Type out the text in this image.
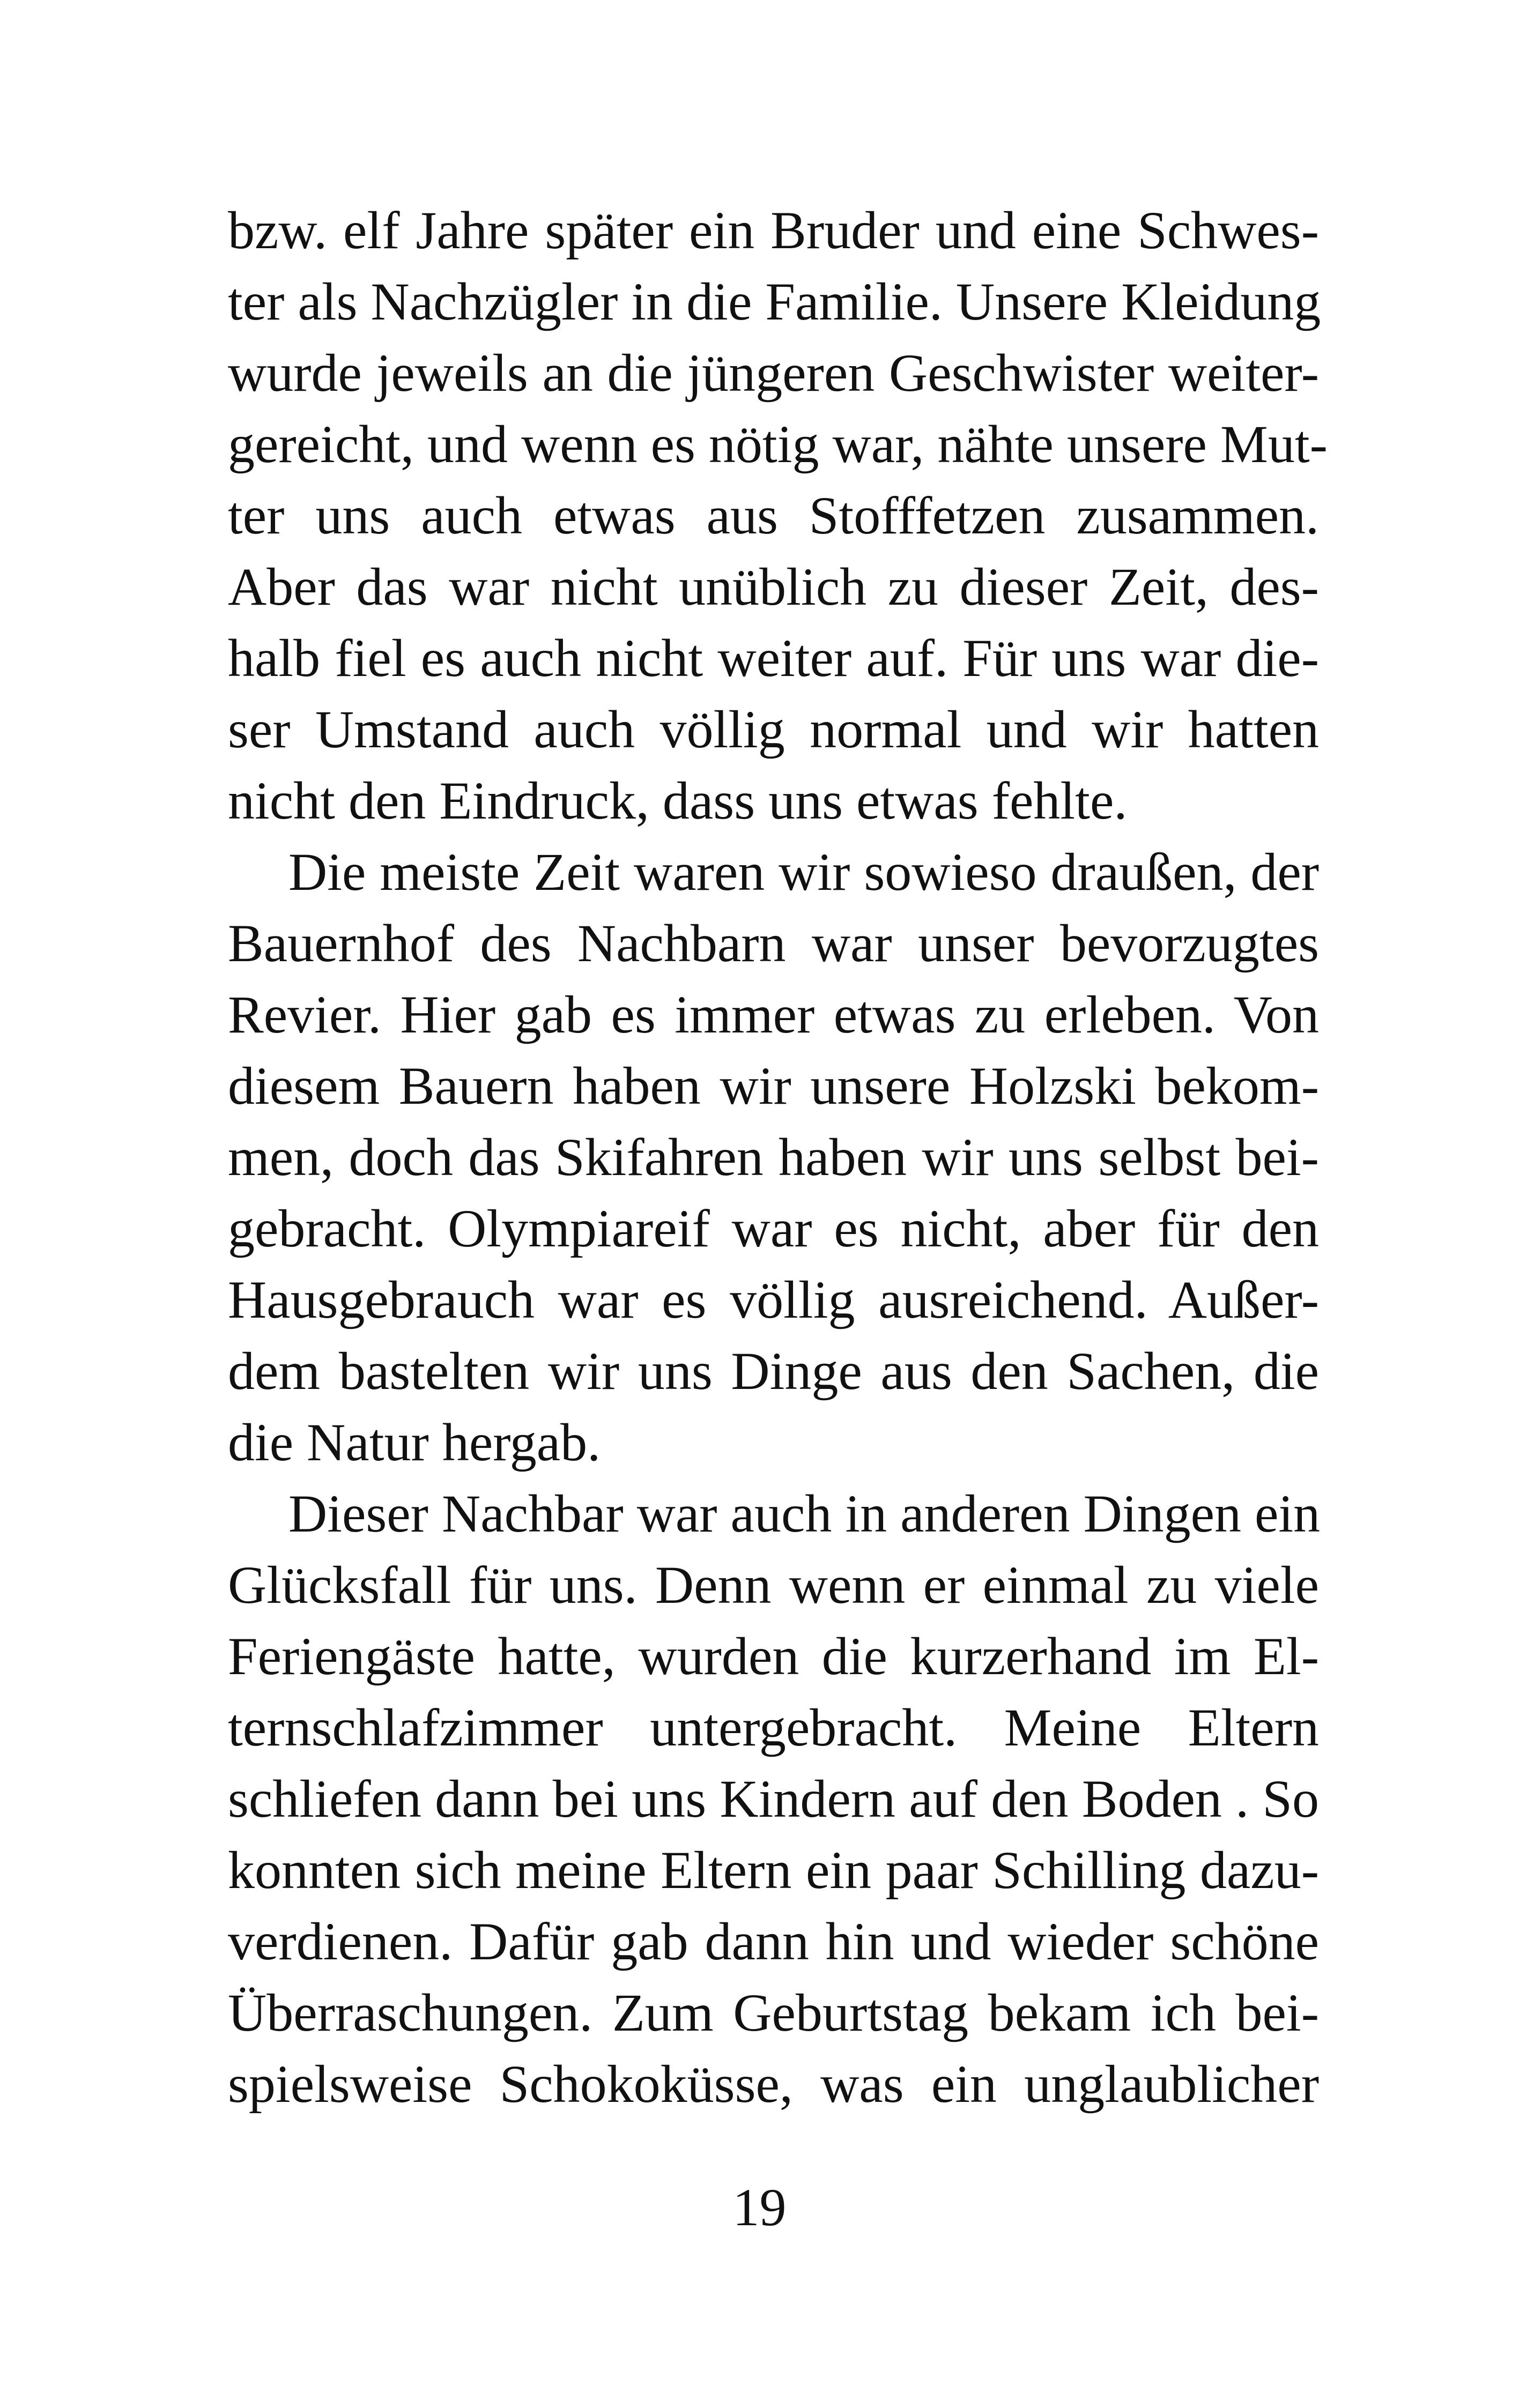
bzw. elf Jahre später ein Bruder und eine Schwes-
ter als Nachzügler in die Familie. Unsere Kleidung
wurde jeweils an die jüngeren Geschwister weiter-
gereicht, und wenn es nötig war, nähte unsere Mut-
ter uns auch etwas aus Stofffetzen zusammen.
Aber das war nicht unüblich zu dieser Zeit, des-
halb fiel es auch nicht weiter auf. Für uns war die-
ser Umstand auch völlig normal und wir hatten
nicht den Eindruck, dass uns etwas fehlte.
Die meiste Zeit waren wir sowieso draußen, der
Bauernhof des Nachbarn war unser bevorzugtes
Revier. Hier gab es immer etwas zu erleben. Von
diesem Bauern haben wir unsere Holzski bekom-
men, doch das Skifahren haben wir uns selbst bei-
gebracht. Olympiareif war es nicht, aber für den
Hausgebrauch war es völlig ausreichend. Außer-
dem bastelten wir uns Dinge aus den Sachen, die
die Natur hergab.
Dieser Nachbar war auch in anderen Dingen ein
Glücksfall für uns. Denn wenn er einmal zu viele
Feriengäste hatte, wurden die kurzerhand im El-
ternschlafzimmer untergebracht. Meine Eltern
schliefen dann bei uns Kindern auf den Boden . So
konnten sich meine Eltern ein paar Schilling dazu-
verdienen. Dafür gab dann hin und wieder schöne
Überraschungen. Zum Geburtstag bekam ich bei-
spielsweise Schokoküsse, was ein unglaublicher
19
